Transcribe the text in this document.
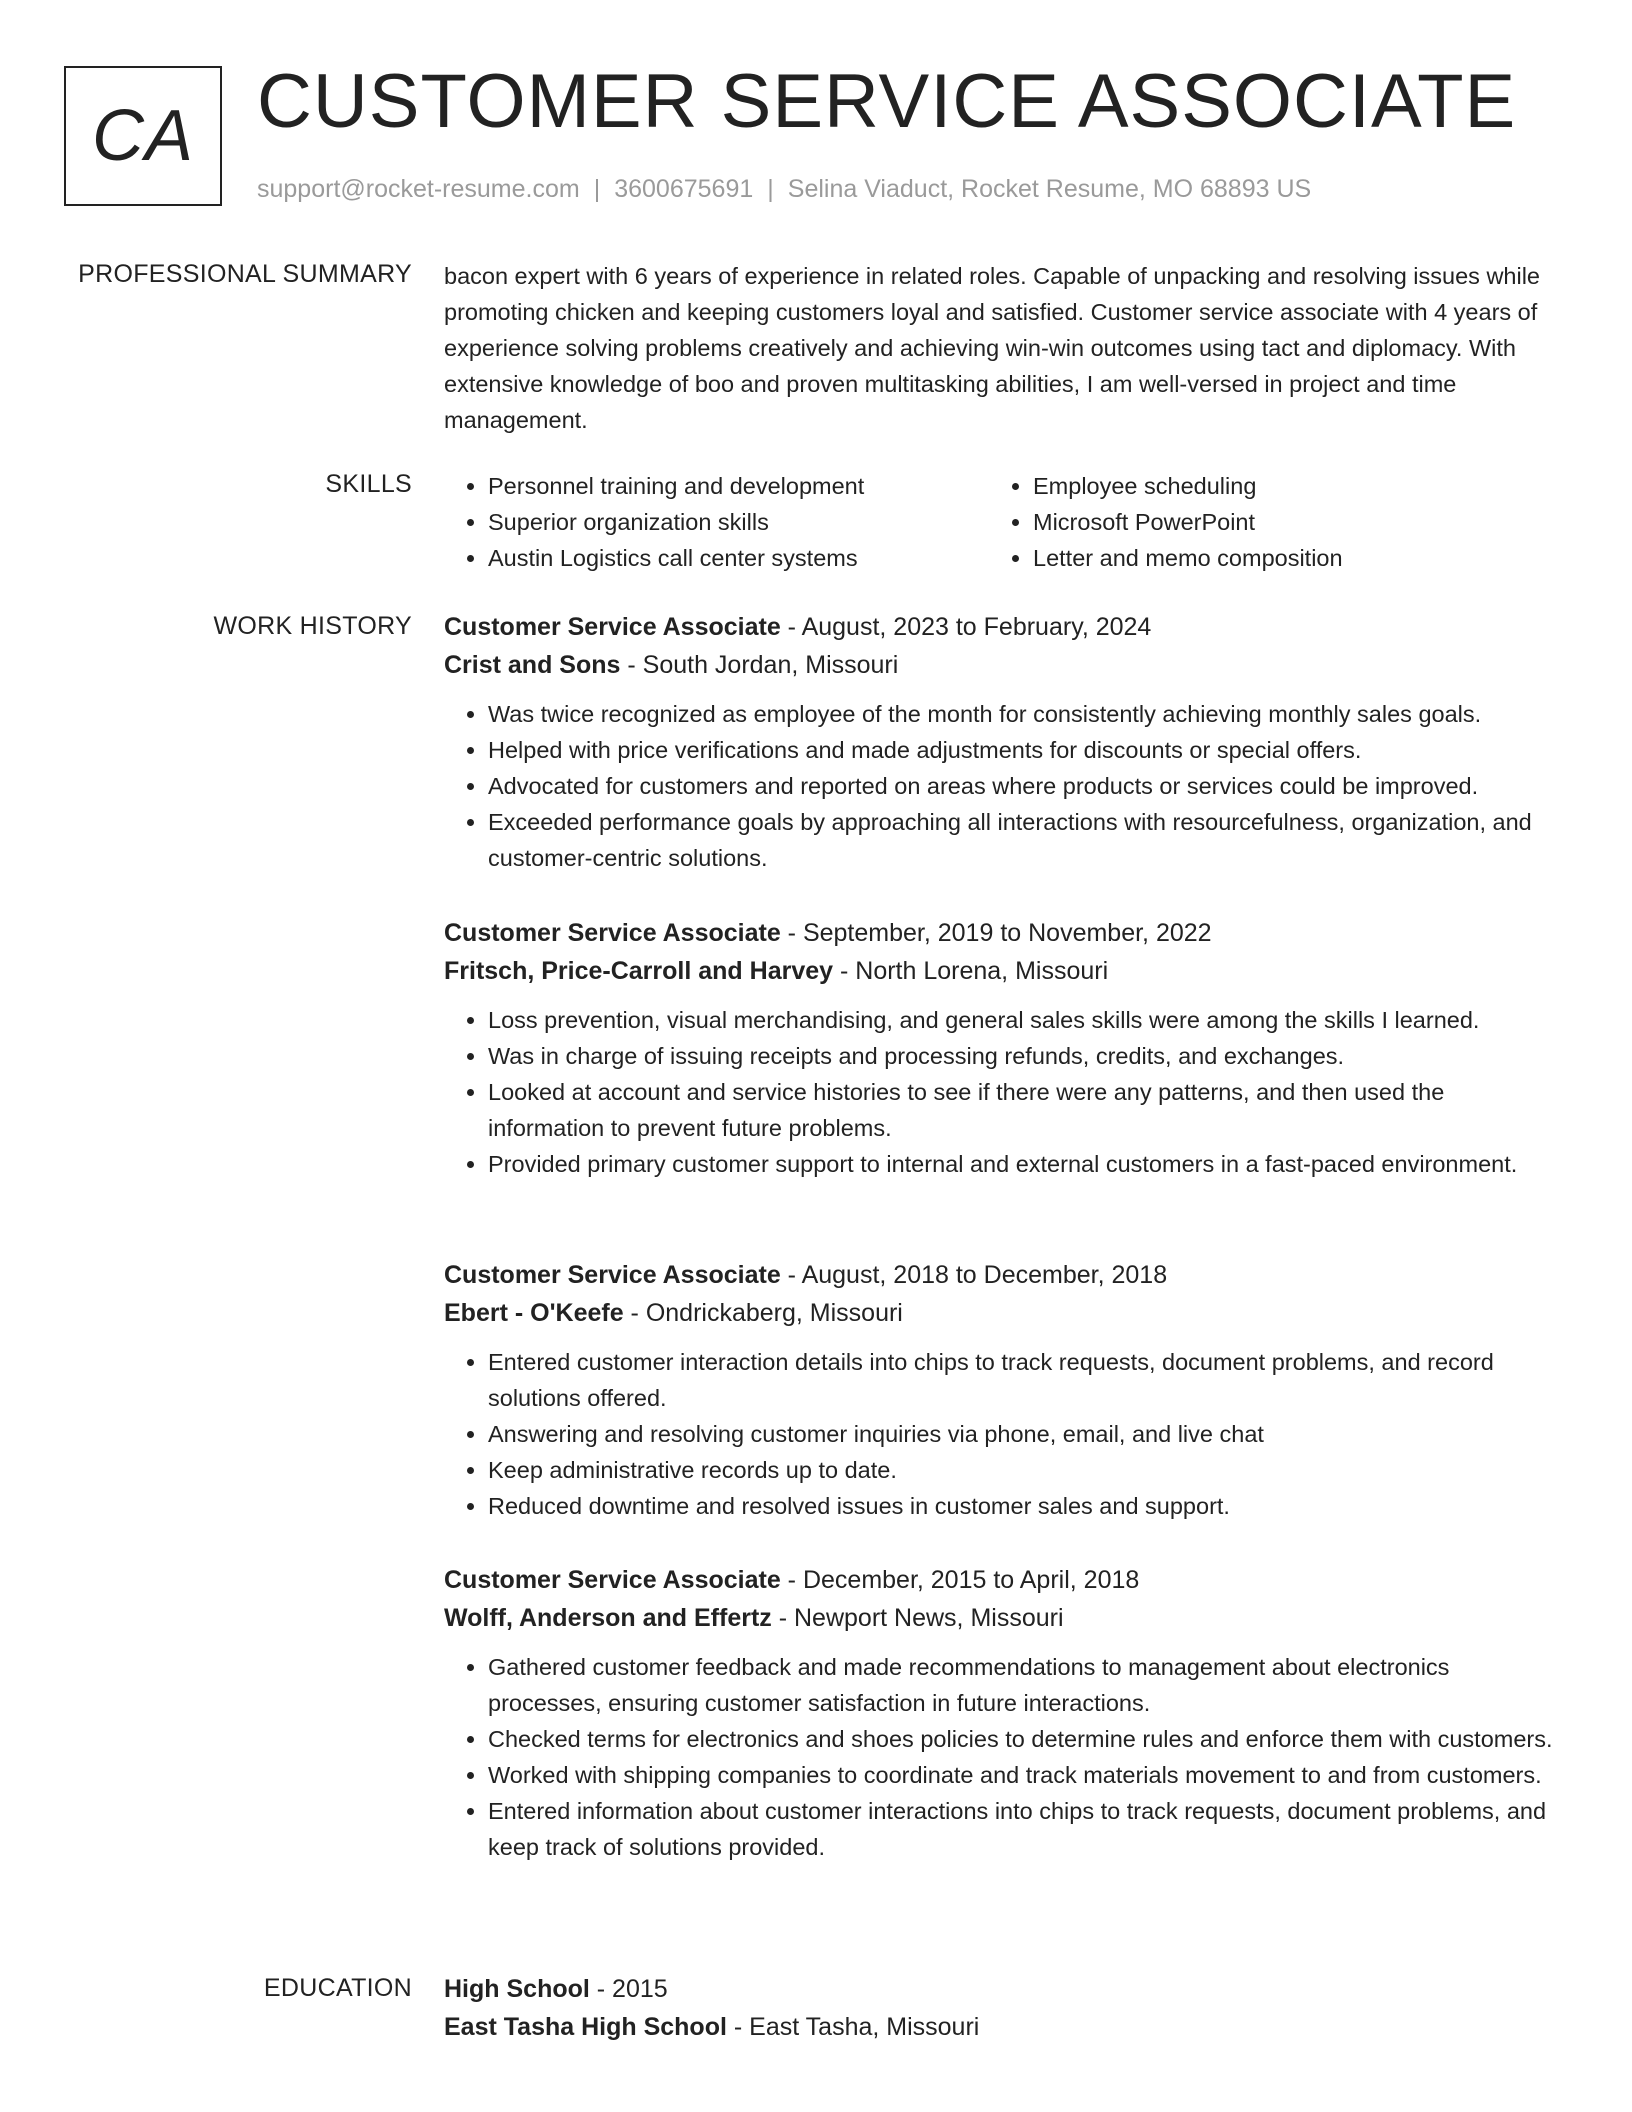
CA CUSTOMER SERVICE ASSOCIATE
support@rocket-resume.com | 3600675691 | Selina Viaduct, Rocket Resume, MO 68893 US
PROFESSIONAL SUMMARY bacon expert with 6 years of experience in related roles. Capable of unpacking and resolving issues while promoting chicken and keeping customers loyal and satisfied. Customer service associate with 4 years of experience solving problems creatively and achieving win-win outcomes using tact and diplomacy. With extensive knowledge of boo and proven multitasking abilities, I am well-versed in project and time management.

SKILLS
•	Personnel training and development
• Superior organization skills
• Austin Logistics call center systems
• Employee scheduling
• Microsoft PowerPoint
• Letter and memo composition
WORK HISTORY Customer Service Associate - August, 2023 to February, 2024
Crist and Sons - South Jordan, Missouri
• Was twice recognized as employee of the month for consistently achieving monthly sales goals.
• Helped with price verifications and made adjustments for discounts or special offers.
• Advocated for customers and reported on areas where products or services could be improved.
• Exceeded performance goals by approaching all interactions with resourcefulness, organization, and customer-centric solutions.
Customer Service Associate - September, 2019 to November, 2022
Fritsch, Price-Carroll and Harvey - North Lorena, Missouri
• Loss prevention, visual merchandising, and general sales skills were among the skills I learned.
• Was in charge of issuing receipts and processing refunds, credits, and exchanges.
• Looked at account and service histories to see if there were any patterns, and then used the information to prevent future problems.
• Provided primary customer support to internal and external customers in a fast-paced environment.
Customer Service Associate - August, 2018 to December, 2018
Ebert - O'Keefe - Ondrickaberg, Missouri
• Entered customer interaction details into chips to track requests, document problems, and record solutions offered.
• Answering and resolving customer inquiries via phone, email, and live chat
• Keep administrative records up to date.
• Reduced downtime and resolved issues in customer sales and support.
Customer Service Associate - December, 2015 to April, 2018
Wolff, Anderson and Effertz - Newport News, Missouri
• Gathered customer feedback and made recommendations to management about electronics processes, ensuring customer satisfaction in future interactions.
• Checked terms for electronics and shoes policies to determine rules and enforce them with customers.
• Worked with shipping companies to coordinate and track materials movement to and from customers.
• Entered information about customer interactions into chips to track requests, document problems, and keep track of solutions provided.
EDUCATION High School - 2015
East Tasha High School - East Tasha, Missouri
